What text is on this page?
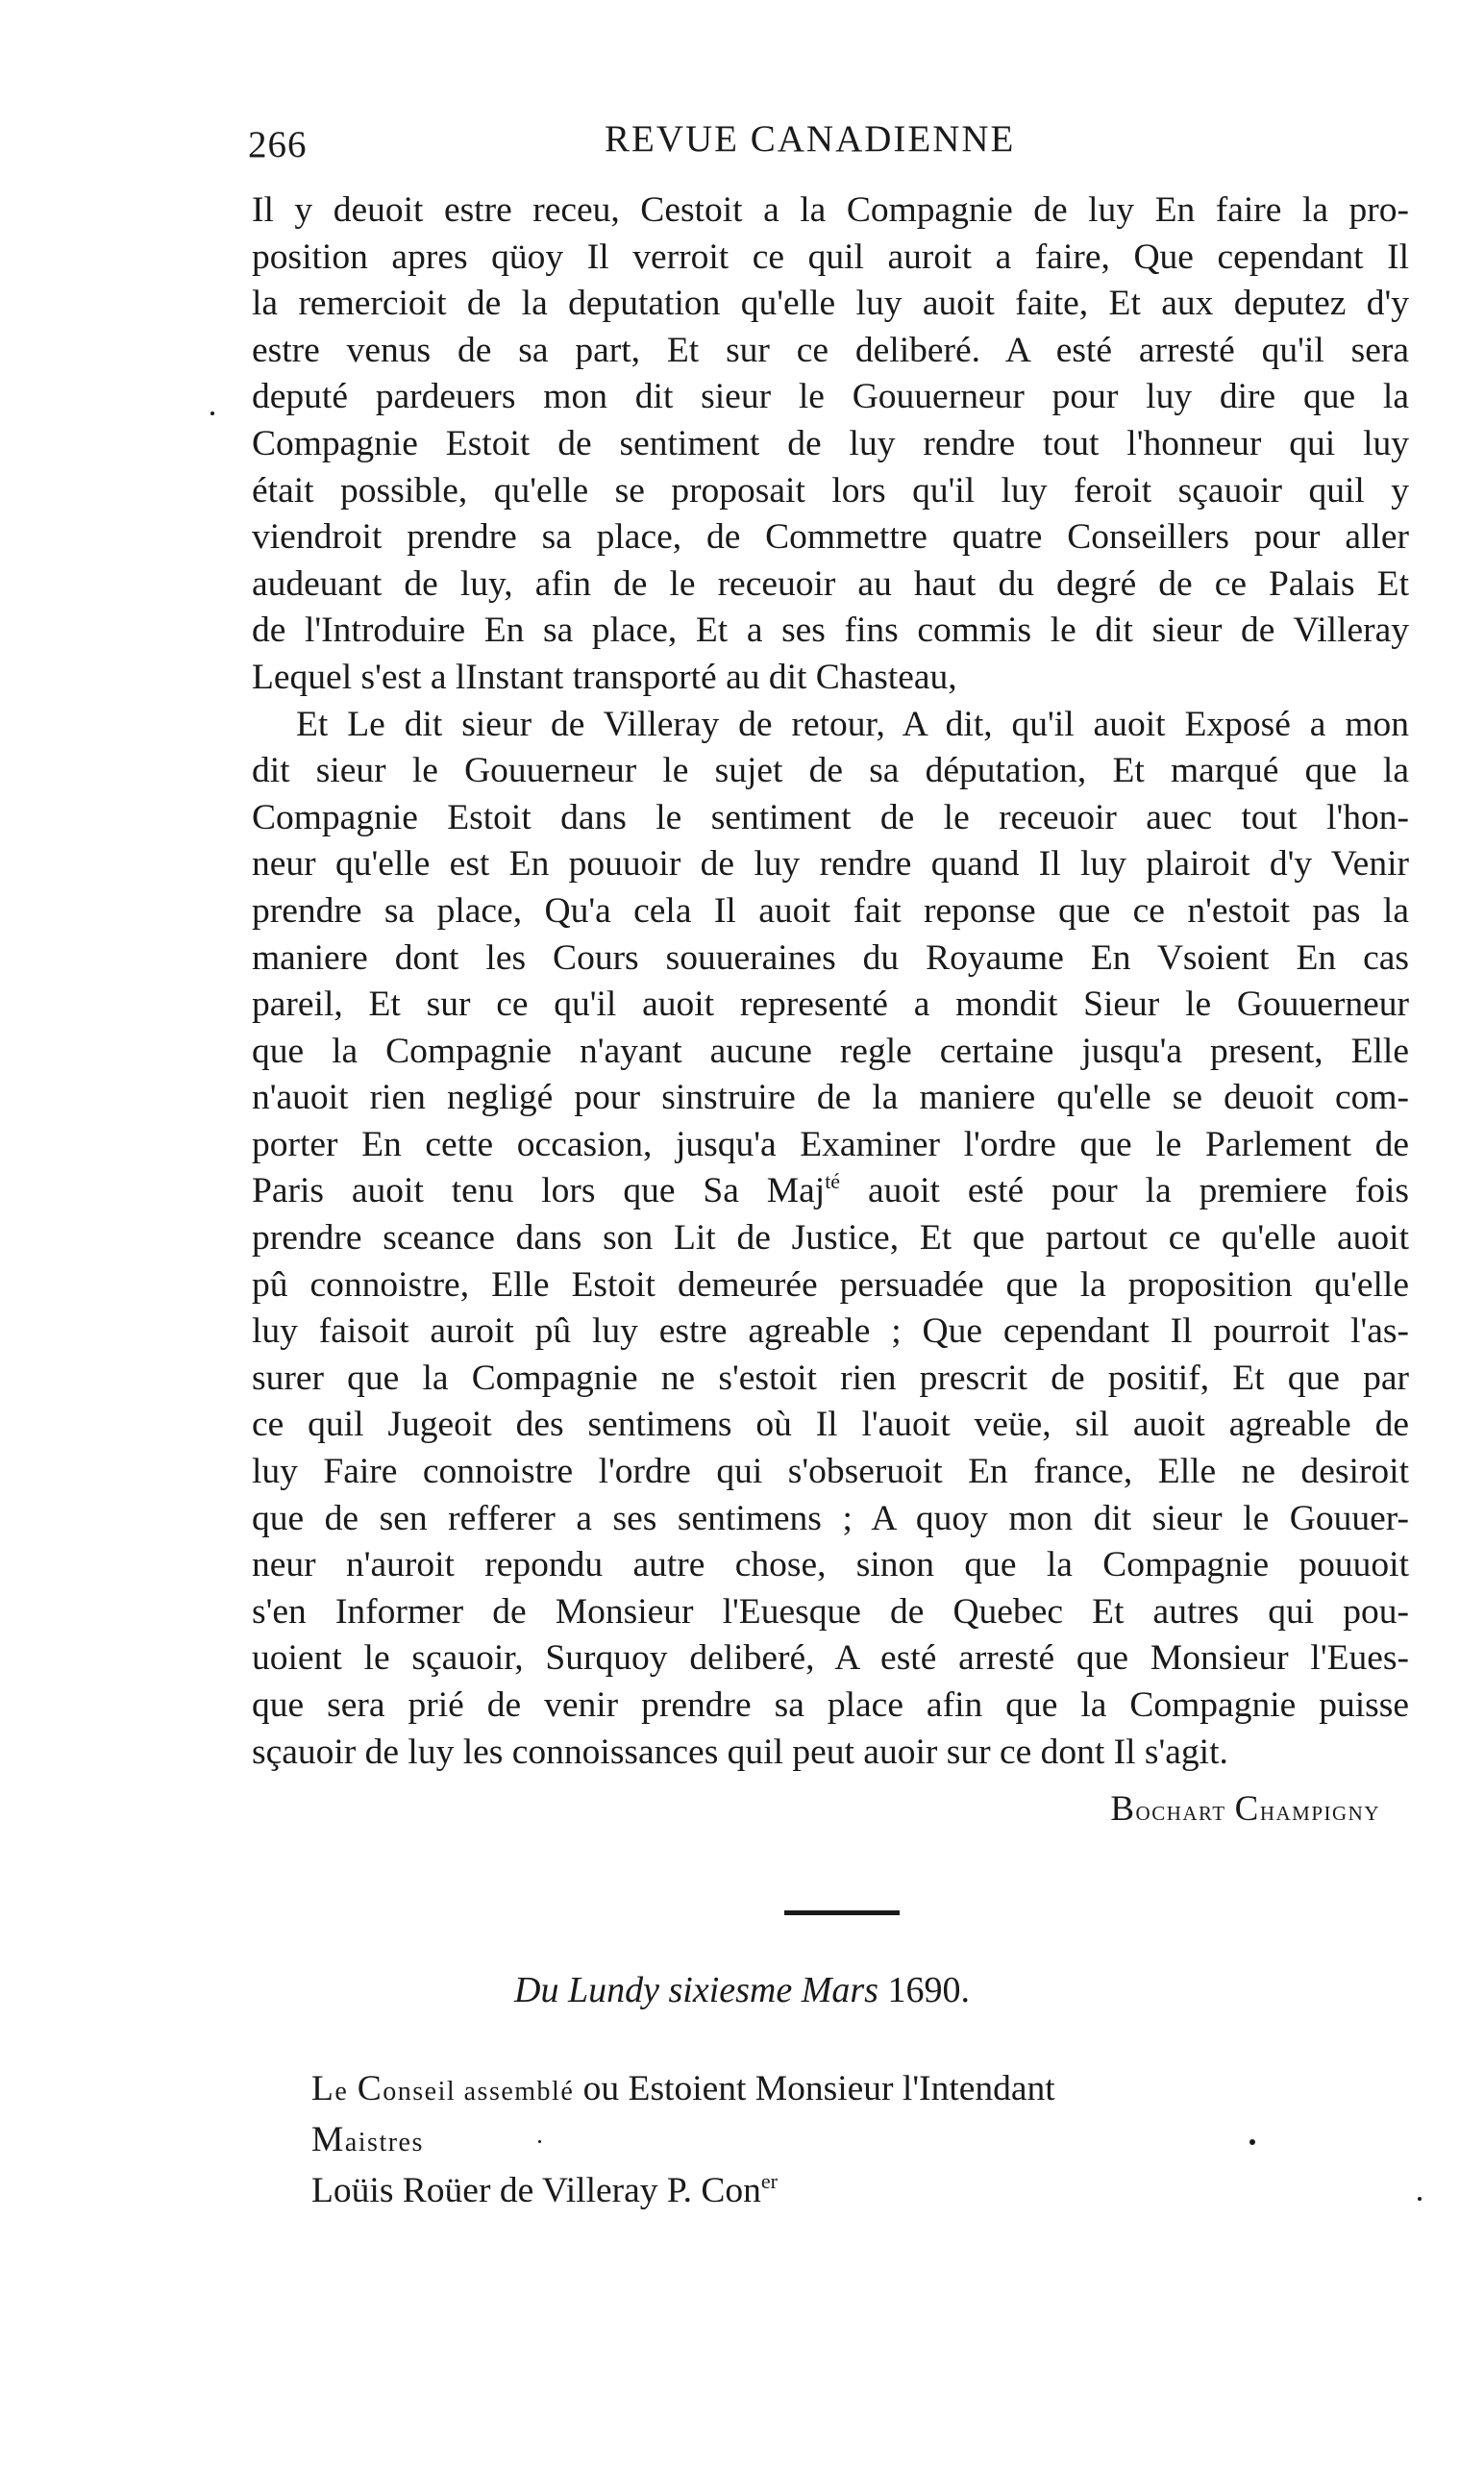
266	REVUE CANADIENNE
Il y deuoit estre receu, Cestoit a la Compagnie de luy En faire la pro-
position apres qüoy Il verroit ce quil auroit a faire, Que cependant Il
la remercioit de la deputation qu'elle luy auoit faite, Et aux deputez d'y
estre venus de sa part, Et sur ce deliberé. A esté arresté qu'il sera
deputé pardeuers mon dit sieur le Gouuerneur pour luy dire que la
Compagnie Estoit de sentiment de luy rendre tout l'honneur qui luy
était possible, qu'elle se proposait lors qu'il luy feroit sçauoir quil y
viendroit prendre sa place, de Commettre quatre Conseillers pour aller
audeuant de luy, afin de le receuoir au haut du degré de ce Palais Et
de l'Introduire En sa place, Et a ses fins commis le dit sieur de Villeray
Lequel s'est a lInstant transporté au dit Chasteau,
Et Le dit sieur de Villeray de retour, A dit, qu'il auoit Exposé a mon
dit sieur le Gouuerneur le sujet de sa députation, Et marqué que la
Compagnie Estoit dans le sentiment de le receuoir auec tout l'hon-
neur qu'elle est En pouuoir de luy rendre quand Il luy plairoit d'y Venir
prendre sa place, Qu'a cela Il auoit fait reponse que ce n'estoit pas la
maniere dont les Cours souueraines du Royaume En Vsoient En cas
pareil, Et sur ce qu'il auoit representé a mondit Sieur le Gouuerneur
que la Compagnie n'ayant aucune regle certaine jusqu'a present, Elle
n'auoit rien negligé pour sinstruire de la maniere qu'elle se deuoit com-
porter En cette occasion, jusqu'a Examiner l'ordre que le Parlement de
Paris auoit tenu lors que Sa Maj$^{té}$ auoit esté pour la premiere fois
prendre sceance dans son Lit de Justice, Et que partout ce qu'elle auoit
pû connoistre, Elle Estoit demeurée persuadée que la proposition qu'elle
luy faisoit auroit pû luy estre agreable ; Que cependant Il pourroit l'as-
surer que la Compagnie ne s'estoit rien prescrit de positif, Et que par
ce quil Jugeoit des sentimens où Il l'auoit veüe, sil auoit agreable de
luy Faire connoistre l'ordre qui s'obseruoit En france, Elle ne desiroit
que de sen refferer a ses sentimens ; A quoy mon dit sieur le Gouuer-
neur n'auroit repondu autre chose, sinon que la Compagnie pouuoit
s'en Informer de Monsieur l'Euesque de Quebec Et autres qui pou-
uoient le sçauoir, Surquoy deliberé, A esté arresté que Monsieur l'Eues-
que sera prié de venir prendre sa place afin que la Compagnie puisse
sçauoir de luy les connoissances quil peut auoir sur ce dont Il s'agit.
Bochart Champigny
Du Lundy sixiesme Mars 1690.
Le Conseil assemblé ou Estoient Monsieur l'Intendant
Maistres
Loüis Roüer de Villeray P. Con$^{er}$
